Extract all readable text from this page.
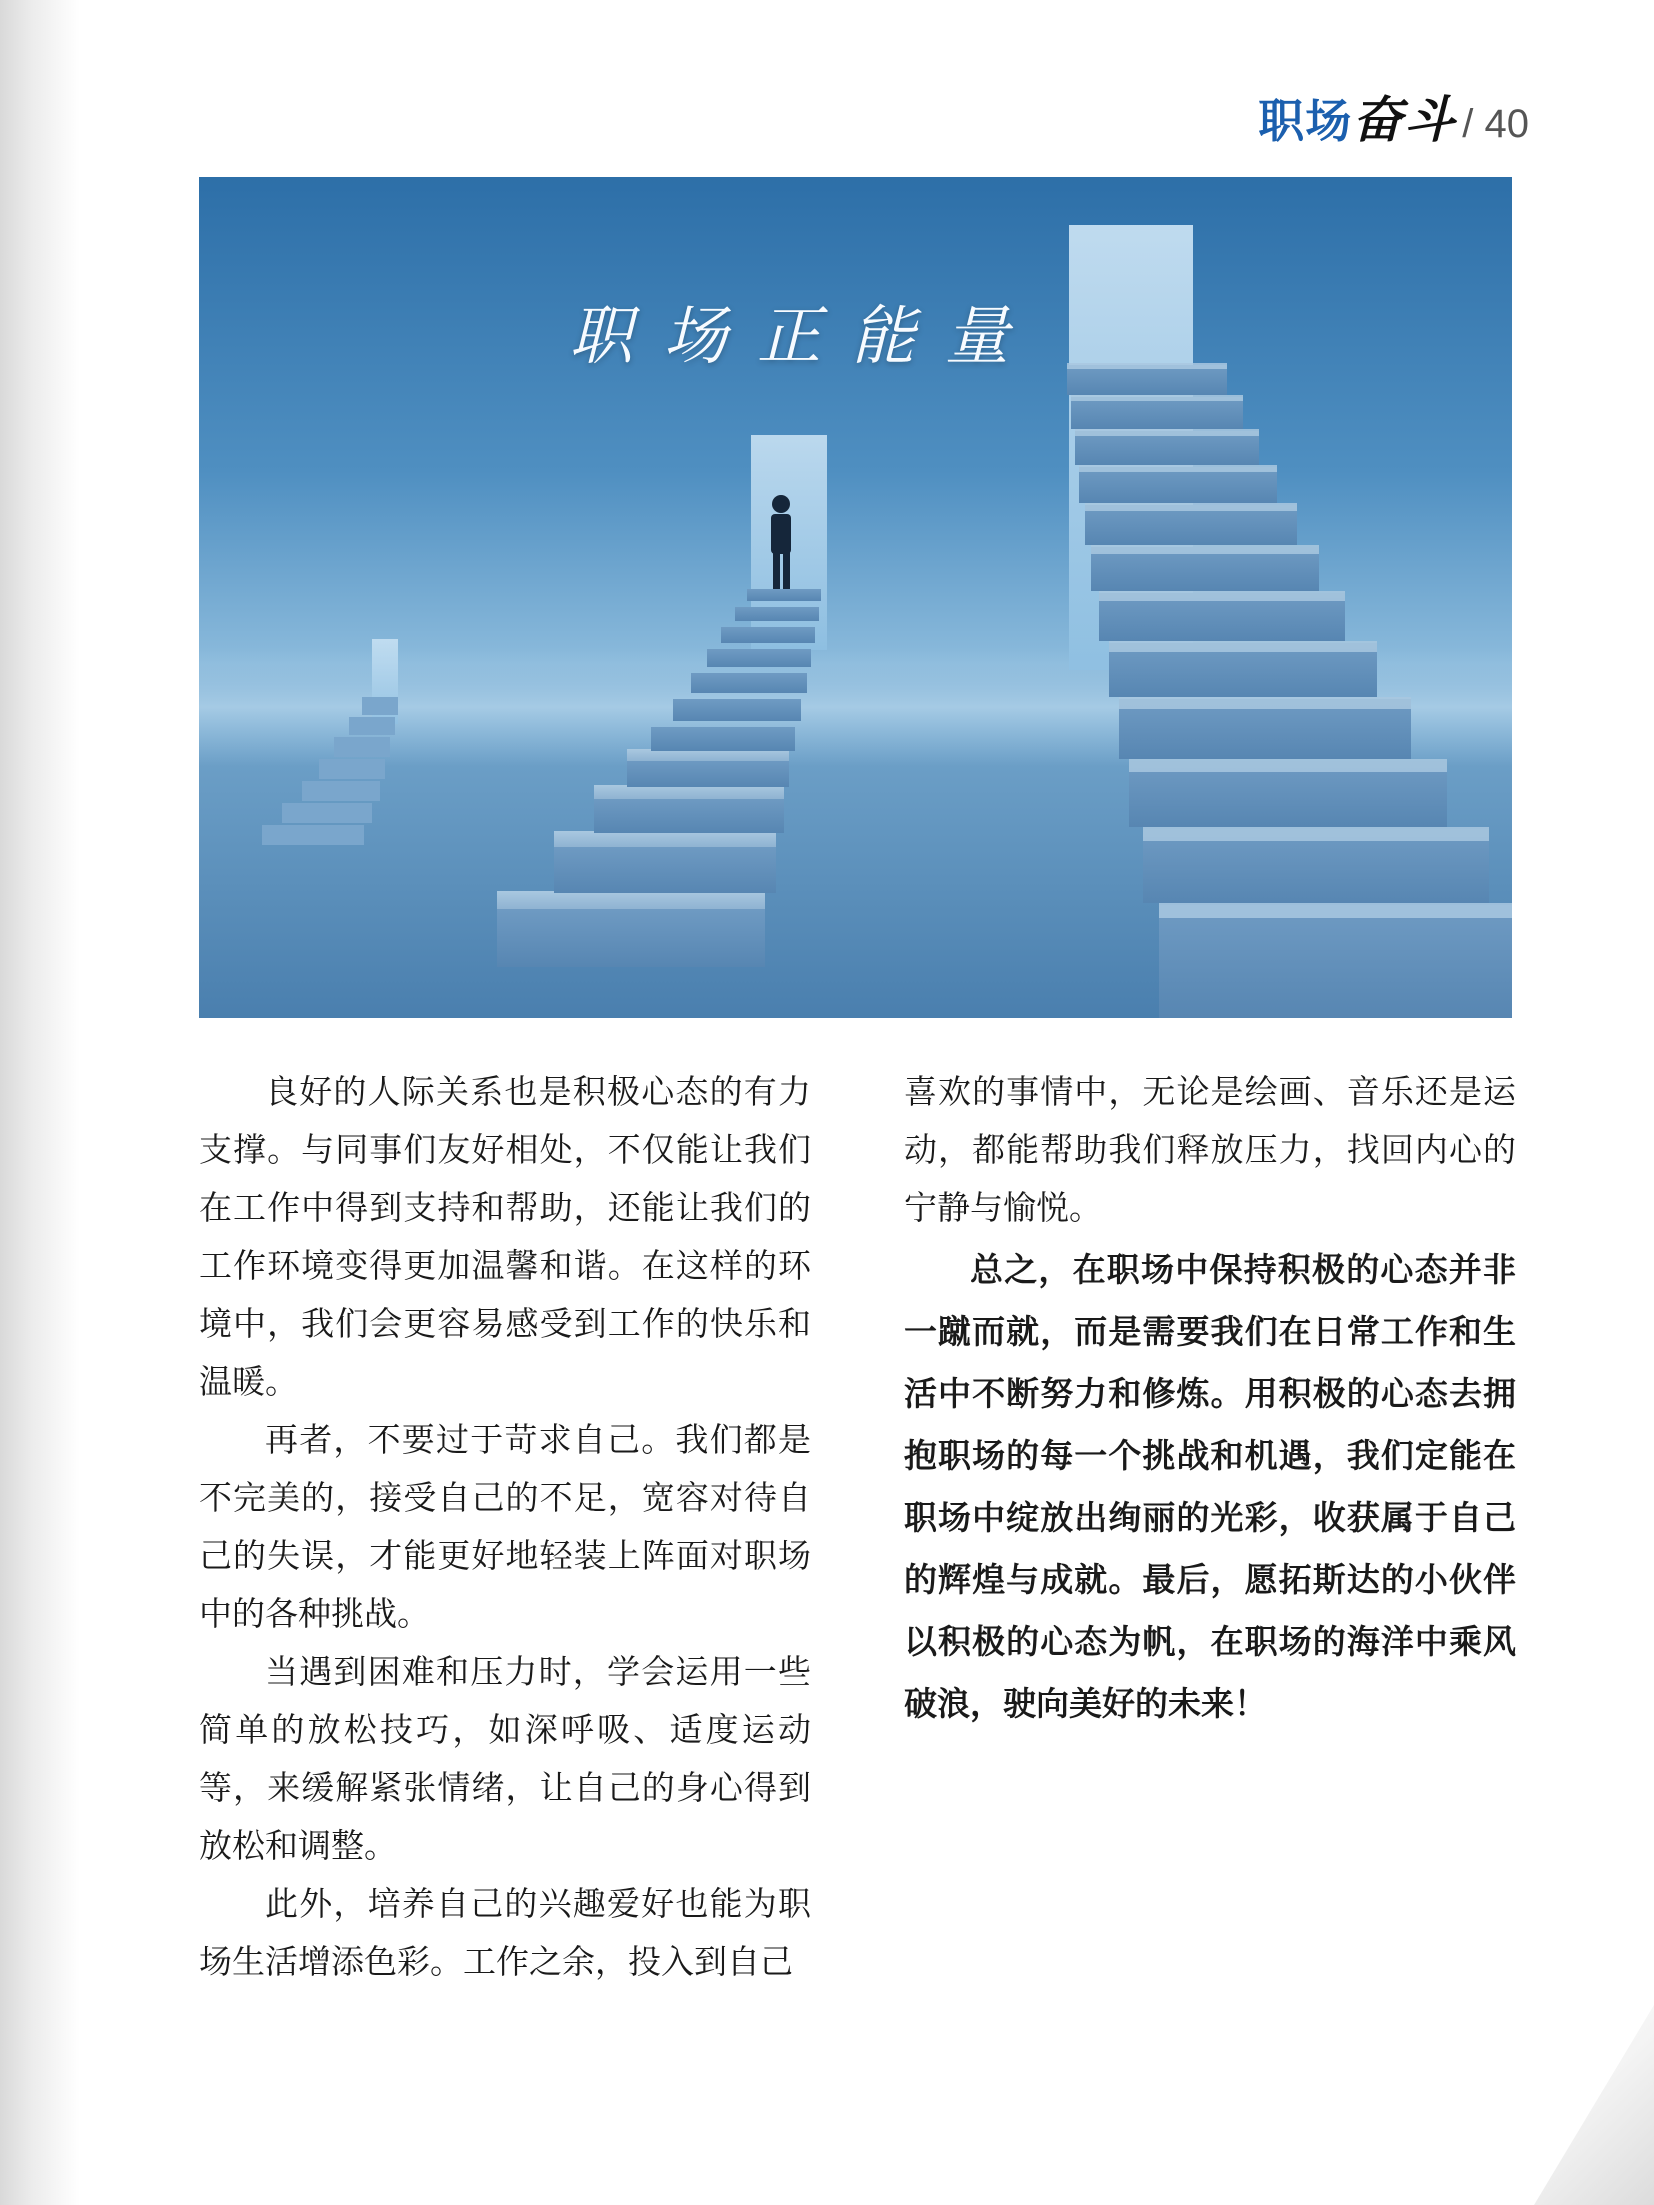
职场 奋斗 / 40
职场正能量

良好的人际关系也是积极心态的有力支撑。与同事们友好相处，不仅能让我们在工作中得到支持和帮助，还能让我们的工作环境变得更加温馨和谐。在这样的环境中，我们会更容易感受到工作的快乐和温暖。

再者，不要过于苛求自己。我们都是不完美的，接受自己的不足，宽容对待自己的失误，才能更好地轻装上阵面对职场中的各种挑战。

当遇到困难和压力时，学会运用一些简单的放松技巧，如深呼吸、适度运动等，来缓解紧张情绪，让自己的身心得到放松和调整。

此外，培养自己的兴趣爱好也能为职场生活增添色彩。工作之余，投入到自己

喜欢的事情中，无论是绘画、音乐还是运动，都能帮助我们释放压力，找回内心的宁静与愉悦。

总之，在职场中保持积极的心态并非一蹴而就，而是需要我们在日常工作和生活中不断努力和修炼。用积极的心态去拥抱职场的每一个挑战和机遇，我们定能在职场中绽放出绚丽的光彩，收获属于自己的辉煌与成就。最后，愿拓斯达的小伙伴以积极的心态为帆，在职场的海洋中乘风破浪，驶向美好的未来！
